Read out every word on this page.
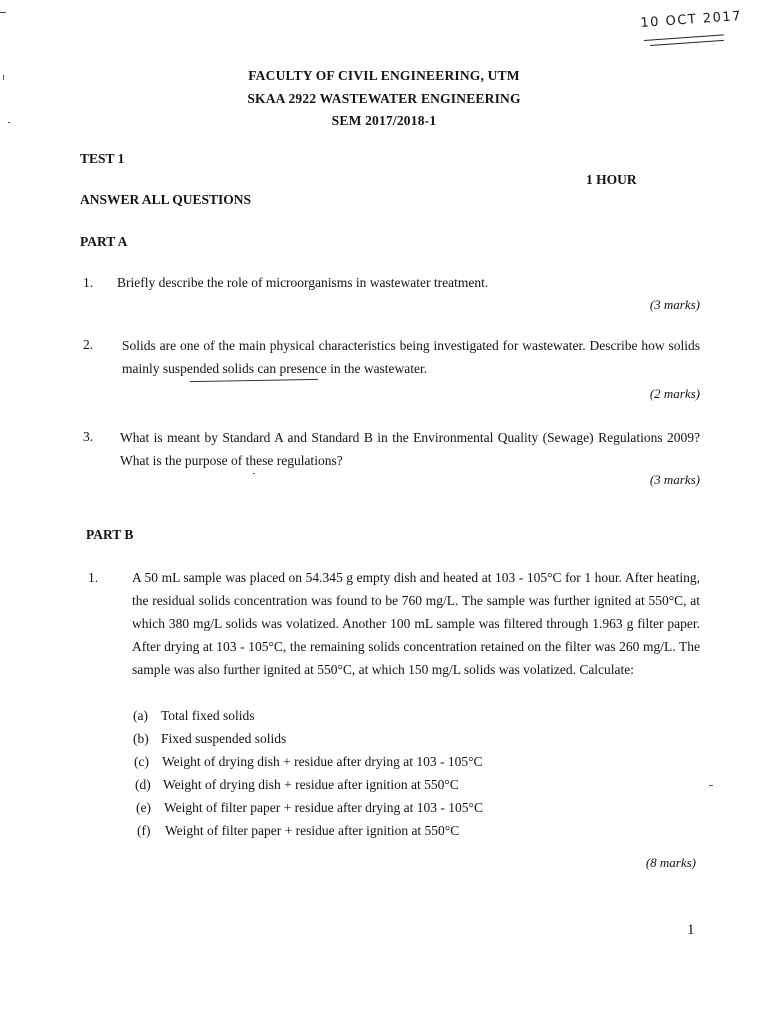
10 OCT 2017
FACULTY OF CIVIL ENGINEERING, UTM
SKAA 2922 WASTEWATER ENGINEERING
SEM 2017/2018-1
TEST 1
1 HOUR
ANSWER ALL QUESTIONS
PART A
1. Briefly describe the role of microorganisms in wastewater treatment.
(3 marks)
2. Solids are one of the main physical characteristics being investigated for wastewater. Describe how solids mainly suspended solids can presence in the wastewater.
(2 marks)
3. What is meant by Standard A and Standard B in the Environmental Quality (Sewage) Regulations 2009? What is the purpose of these regulations?
(3 marks)
PART B
1.	A 50 mL sample was placed on 54.345 g empty dish and heated at 103 - 105°C for 1 hour. After heating, the residual solids concentration was found to be 760 mg/L. The sample was further ignited at 550°C, at which 380 mg/L solids was volatized. Another 100 mL sample was filtered through 1.963 g filter paper. After drying at 103 - 105°C, the remaining solids concentration retained on the filter was 260 mg/L. The sample was also further ignited at 550°C, at which 150 mg/L solids was volatized. Calculate:
(a) Total fixed solids
(b) Fixed suspended solids
(c) Weight of drying dish + residue after drying at 103 - 105°C
(d) Weight of drying dish + residue after ignition at 550°C
(e) Weight of filter paper + residue after drying at 103 - 105°C
(f) Weight of filter paper + residue after ignition at 550°C
(8 marks)
1
